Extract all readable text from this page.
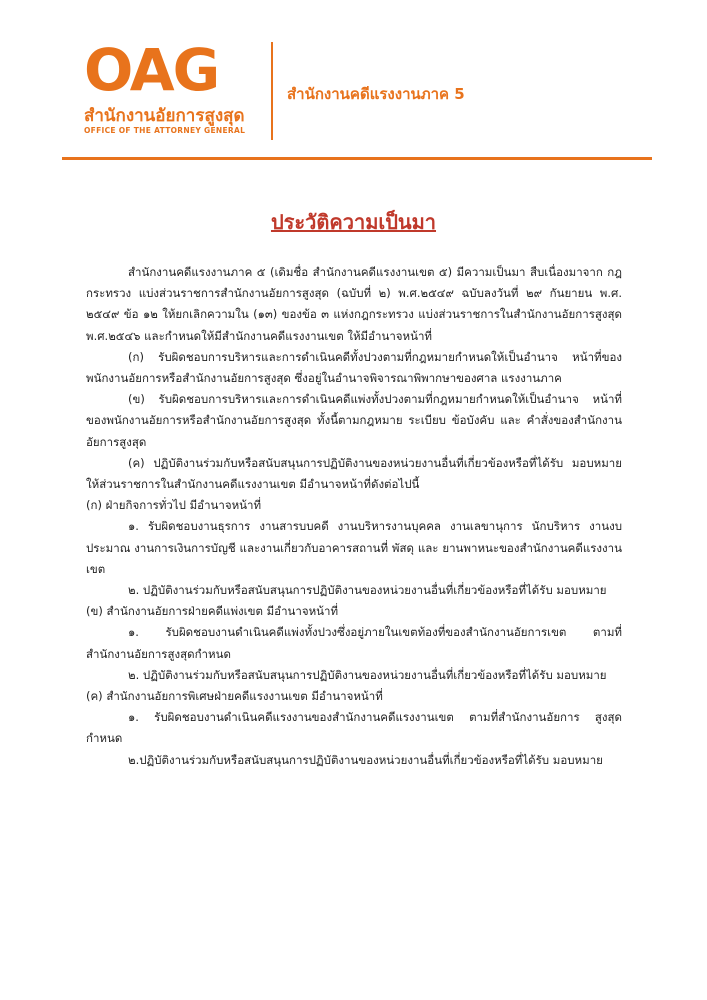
OAG
สำนักงานอัยการสูงสุด
OFFICE OF THE ATTORNEY GENERAL
สำนักงานคดีแรงงานภาค 5
ประวัติความเป็นมา

สำนักงานคดีแรงงานภาค ๕ (เดิมชื่อ สำนักงานคดีแรงงานเขต ๕) มีความเป็นมา สืบเนื่องมาจาก กฎกระทรวง แบ่งส่วนราชการสำนักงานอัยการสูงสุด (ฉบับที่ ๒) พ.ศ.๒๕๔๙ ฉบับลงวันที่ ๒๙ กันยายน พ.ศ. ๒๕๔๙ ข้อ ๑๒ ให้ยกเลิกความใน (๑๓) ของข้อ ๓ แห่งกฎกระทรวง แบ่งส่วนราชการในสำนักงานอัยการสูงสุด พ.ศ.๒๕๔๖ และกำหนดให้มีสำนักงานคดีแรงงานเขต ให้มีอำนาจหน้าที่

(ก) รับผิดชอบการบริหารและการดำเนินคดีทั้งปวงตามที่กฎหมายกำหนดให้เป็นอำนาจ หน้าที่ของพนักงานอัยการหรือสำนักงานอัยการสูงสุด ซึ่งอยู่ในอำนาจพิจารณาพิพากษาของศาล แรงงานภาค

(ข) รับผิดชอบการบริหารและการดำเนินคดีแพ่งทั้งปวงตามที่กฎหมายกำหนดให้เป็นอำนาจ หน้าที่ของพนักงานอัยการหรือสำนักงานอัยการสูงสุด ทั้งนี้ตามกฎหมาย ระเบียบ ข้อบังคับ และ คำสั่งของสำนักงานอัยการสูงสุด

(ค) ปฏิบัติงานร่วมกับหรือสนับสนุนการปฏิบัติงานของหน่วยงานอื่นที่เกี่ยวข้องหรือที่ได้รับ มอบหมายให้ส่วนราชการในสำนักงานคดีแรงงานเขต มีอำนาจหน้าที่ดังต่อไปนี้

(ก) ฝ่ายกิจการทั่วไป มีอำนาจหน้าที่

๑. รับผิดชอบงานธุรการ งานสารบบคดี งานบริหารงานบุคคล งานเลขานุการ นักบริหาร งานงบประมาณ งานการเงินการบัญชี และงานเกี่ยวกับอาคารสถานที่ พัสดุ และ ยานพาหนะของสำนักงานคดีแรงงานเขต

๒. ปฏิบัติงานร่วมกับหรือสนับสนุนการปฏิบัติงานของหน่วยงานอื่นที่เกี่ยวข้องหรือที่ได้รับ มอบหมาย

(ข) สำนักงานอัยการฝ่ายคดีแพ่งเขต มีอำนาจหน้าที่

๑. รับผิดชอบงานดำเนินคดีแพ่งทั้งปวงซึ่งอยู่ภายในเขตท้องที่ของสำนักงานอัยการเขต ตามที่สำนักงานอัยการสูงสุดกำหนด

๒. ปฏิบัติงานร่วมกับหรือสนับสนุนการปฏิบัติงานของหน่วยงานอื่นที่เกี่ยวข้องหรือที่ได้รับ มอบหมาย

(ค) สำนักงานอัยการพิเศษฝ่ายคดีแรงงานเขต มีอำนาจหน้าที่

๑. รับผิดชอบงานดำเนินคดีแรงงานของสำนักงานคดีแรงงานเขต ตามที่สำนักงานอัยการ สูงสุดกำหนด

๒.ปฏิบัติงานร่วมกับหรือสนับสนุนการปฏิบัติงานของหน่วยงานอื่นที่เกี่ยวข้องหรือที่ได้รับ มอบหมาย
